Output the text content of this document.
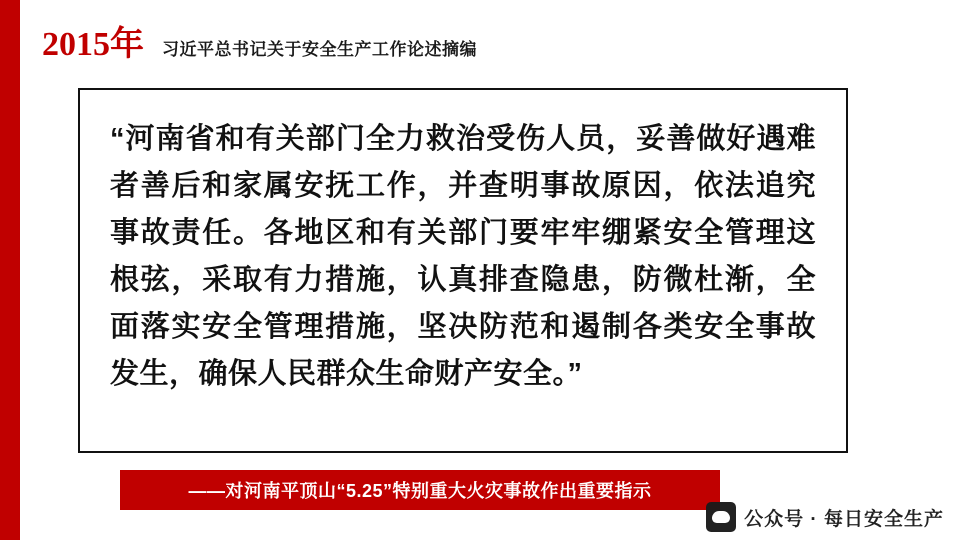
2015年 习近平总书记关于安全生产工作论述摘编
“河南省和有关部门全力救治受伤人员，妥善做好遇难者善后和家属安抚工作，并查明事故原因，依法追究事故责任。各地区和有关部门要牢牢绷紧安全管理这根弦，采取有力措施，认真排查隐患，防微杜渐，全面落实安全管理措施，坚决防范和遏制各类安全事故发生，确保人民群众生命财产安全。”
——对河南平顶山“5.25”特别重大火灾事故作出重要指示
公众号 · 每日安全生产
